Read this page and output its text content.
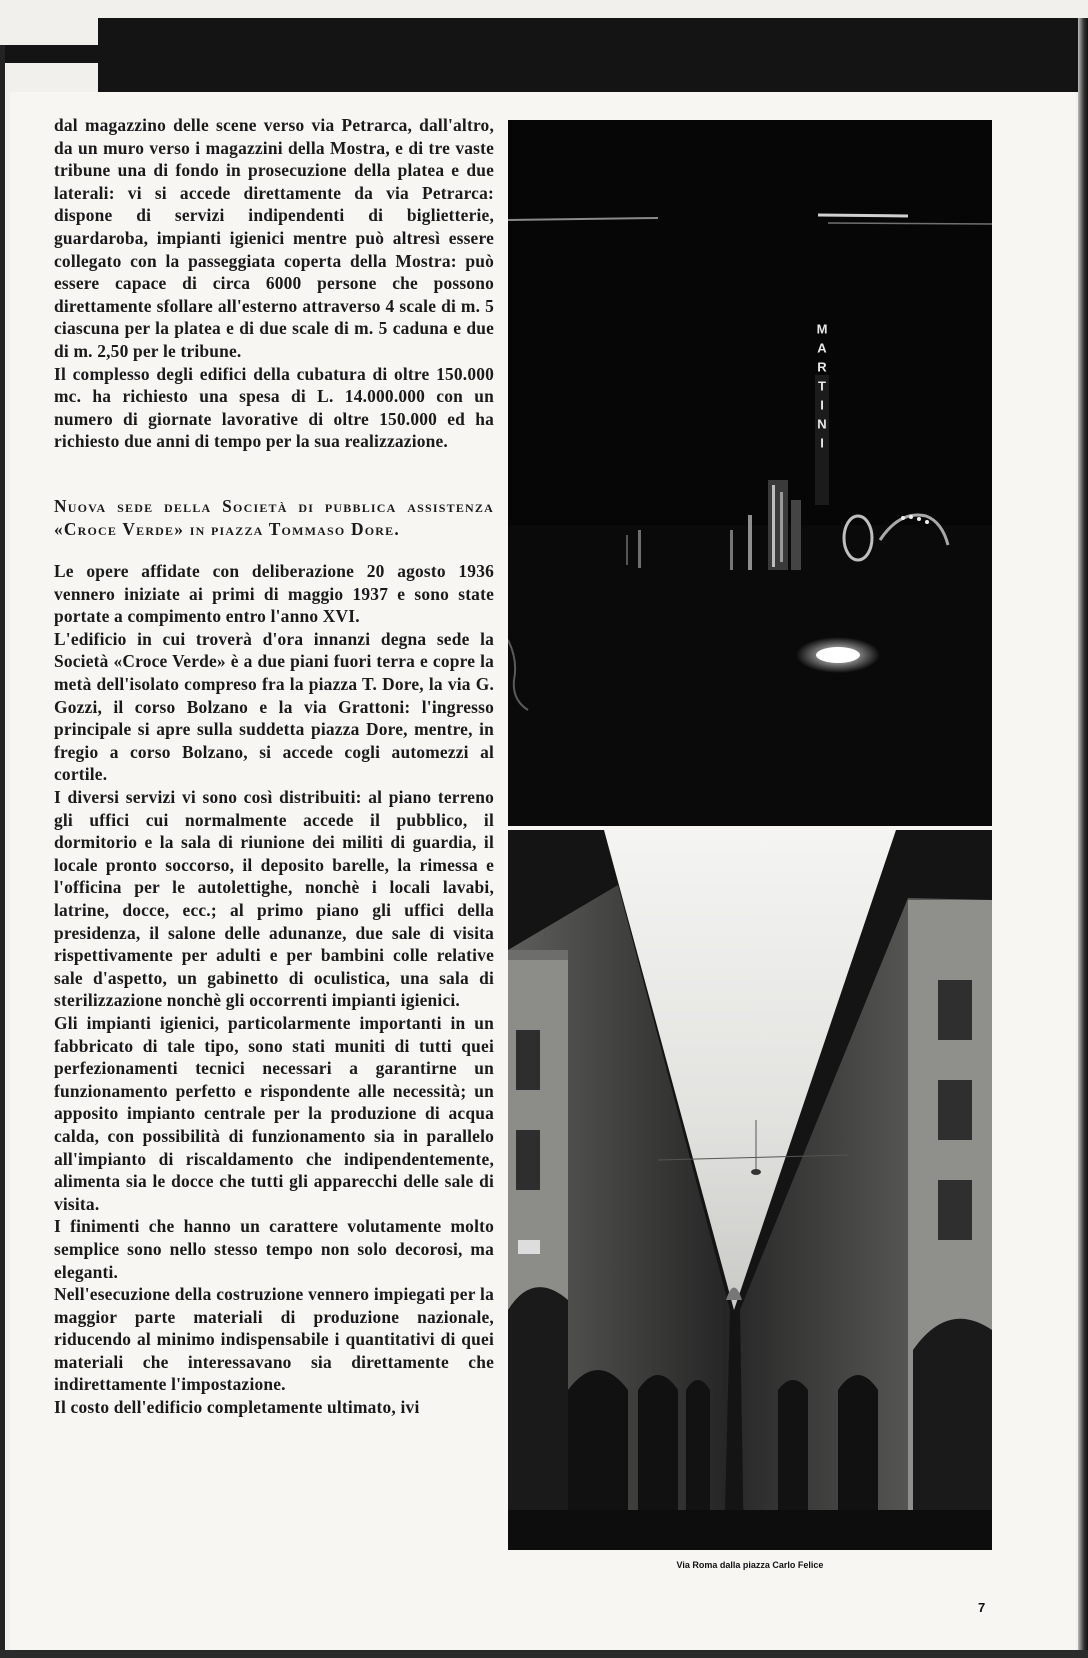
dal magazzino delle scene verso via Petrarca, dall'altro, da un muro verso i magazzini della Mostra, e di tre vaste tribune una di fondo in prosecuzione della platea e due laterali: vi si accede direttamente da via Petrarca: dispone di servizi indipendenti di biglietterie, guardaroba, impianti igienici mentre può altresì essere collegato con la passeggiata coperta della Mostra: può essere capace di circa 6000 persone che possono direttamente sfollare all'esterno attraverso 4 scale di m. 5 ciascuna per la platea e di due scale di m. 5 caduna e due di m. 2,50 per le tribune.

Il complesso degli edifici della cubatura di oltre 150.000 mc. ha richiesto una spesa di L. 14.000.000 con un numero di giornate lavorative di oltre 150.000 ed ha richiesto due anni di tempo per la sua realizzazione.

Nuova sede della Società di pubblica assistenza «Croce Verde» in piazza Tommaso Dore.

Le opere affidate con deliberazione 20 agosto 1936 vennero iniziate ai primi di maggio 1937 e sono state portate a compimento entro l'anno XVI.

L'edificio in cui troverà d'ora innanzi degna sede la Società «Croce Verde» è a due piani fuori terra e copre la metà dell'isolato compreso fra la piazza T. Dore, la via G. Gozzi, il corso Bolzano e la via Grattoni: l'ingresso principale si apre sulla suddetta piazza Dore, mentre, in fregio a corso Bolzano, si accede cogli automezzi al cortile.

I diversi servizi vi sono così distribuiti: al piano terreno gli uffici cui normalmente accede il pubblico, il dormitorio e la sala di riunione dei militi di guardia, il locale pronto soccorso, il deposito barelle, la rimessa e l'officina per le autolettighe, nonchè i locali lavabi, latrine, docce, ecc.; al primo piano gli uffici della presidenza, il salone delle adunanze, due sale di visita rispettivamente per adulti e per bambini colle relative sale d'aspetto, un gabinetto di oculistica, una sala di sterilizzazione nonchè gli occorrenti impianti igienici.

Gli impianti igienici, particolarmente importanti in un fabbricato di tale tipo, sono stati muniti di tutti quei perfezionamenti tecnici necessari a garantirne un funzionamento perfetto e rispondente alle necessità; un apposito impianto centrale per la produzione di acqua calda, con possibilità di funzionamento sia in parallelo all'impianto di riscaldamento che indipendentemente, alimenta sia le docce che tutti gli apparecchi delle sale di visita.

I finimenti che hanno un carattere volutamente molto semplice sono nello stesso tempo non solo decorosi, ma eleganti.

Nell'esecuzione della costruzione vennero impiegati per la maggior parte materiali di produzione nazionale, riducendo al minimo indispensabile i quantitativi di quei materiali che interessavano sia direttamente che indirettamente l'impostazione.

Il costo dell'edificio completamente ultimato, ivi

MARTINI
Via Roma dalla piazza Carlo Felice
7
